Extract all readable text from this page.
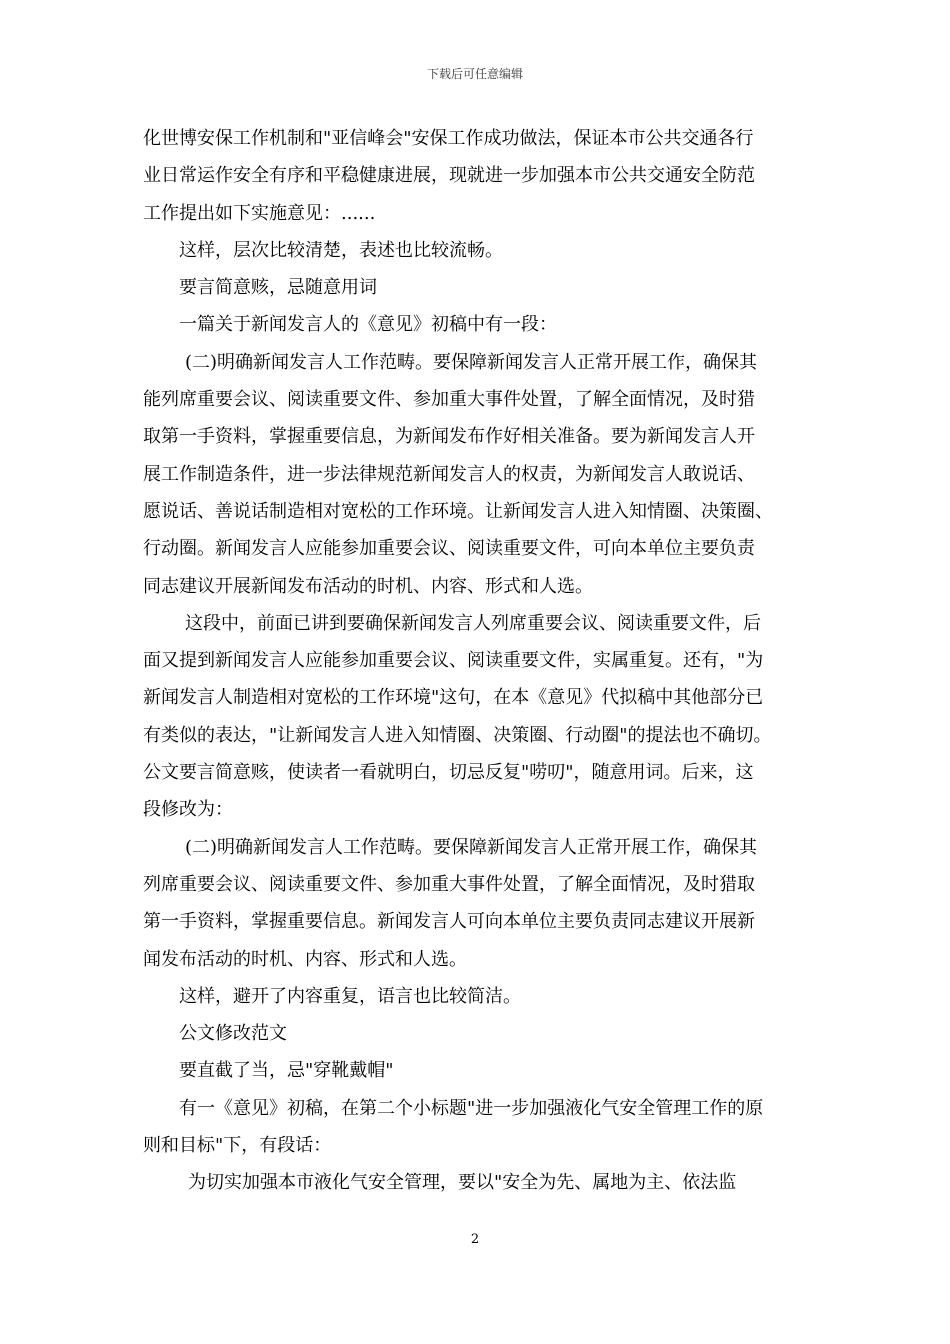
下载后可任意编辑

化世博安保工作机制和"亚信峰会"安保工作成功做法，保证本市公共交通各行
业日常运作安全有序和平稳健康进展，现就进一步加强本市公共交通安全防范
工作提出如下实施意见：......

这样，层次比较清楚，表述也比较流畅。

要言简意赅，忌随意用词

一篇关于新闻发言人的《意见》初稿中有一段：

(二)明确新闻发言人工作范畴。要保障新闻发言人正常开展工作，确保其
能列席重要会议、阅读重要文件、参加重大事件处置，了解全面情况，及时猎
取第一手资料，掌握重要信息，为新闻发布作好相关准备。要为新闻发言人开
展工作制造条件，进一步法律规范新闻发言人的权责，为新闻发言人敢说话、
愿说话、善说话制造相对宽松的工作环境。让新闻发言人进入知情圈、决策圈、
行动圈。新闻发言人应能参加重要会议、阅读重要文件，可向本单位主要负责
同志建议开展新闻发布活动的时机、内容、形式和人选。

这段中，前面已讲到要确保新闻发言人列席重要会议、阅读重要文件，后
面又提到新闻发言人应能参加重要会议、阅读重要文件，实属重复。还有，"为
新闻发言人制造相对宽松的工作环境"这句，在本《意见》代拟稿中其他部分已
有类似的表达，"让新闻发言人进入知情圈、决策圈、行动圈"的提法也不确切。
公文要言简意赅，使读者一看就明白，切忌反复"唠叨"，随意用词。后来，这
段修改为：

(二)明确新闻发言人工作范畴。要保障新闻发言人正常开展工作，确保其
列席重要会议、阅读重要文件、参加重大事件处置，了解全面情况，及时猎取
第一手资料，掌握重要信息。新闻发言人可向本单位主要负责同志建议开展新
闻发布活动的时机、内容、形式和人选。

这样，避开了内容重复，语言也比较简洁。

公文修改范文

要直截了当，忌"穿靴戴帽"

有一《意见》初稿，在第二个小标题"进一步加强液化气安全管理工作的原
则和目标"下，有段话：

为切实加强本市液化气安全管理，要以"安全为先、属地为主、依法监

2
